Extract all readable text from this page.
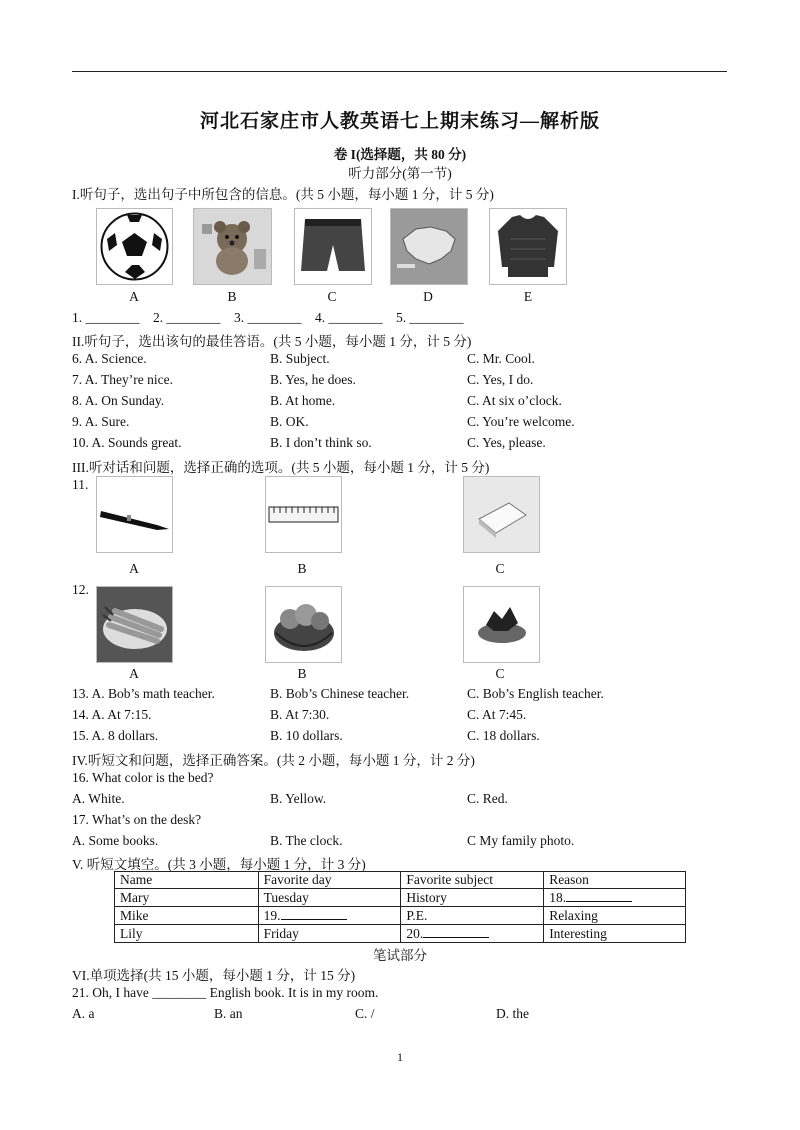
河北石家庄市人教英语七上期末练习—解析版
卷 I(选择题，共 80 分)
听力部分(第一节)
I.听句子，选出句子中所包含的信息。(共 5 小题，每小题 1 分，计 5 分)
A	B	C	D	E
1. ________    2. ________    3. ________    4. ________    5. ________
II.听句子，选出该句的最佳答语。(共 5 小题，每小题 1 分，计 5 分)
6. A. Science.	B. Subject.	C. Mr. Cool.
7. A. They’re nice.	B. Yes, he does.	C. Yes, I do.
8. A. On Sunday.	B. At home.	C. At six o’clock.
9. A. Sure.	B. OK.	C. You’re welcome.
10. A. Sounds great.	B. I don’t think so.	C. Yes, please.
III.听对话和问题，选择正确的选项。(共 5 小题，每小题 1 分，计 5 分)
11.
A	B	C
12.
A	B	C
13. A. Bob’s math teacher.	B. Bob’s Chinese teacher.	C. Bob’s English teacher.
14. A. At 7:15.	B. At 7:30.	C. At 7:45.
15. A. 8 dollars.	B. 10 dollars.	C. 18 dollars.
IV.听短文和问题，选择正确答案。(共 2 小题，每小题 1 分，计 2 分)
16. What color is the bed?
A. White.	B. Yellow.	C. Red.
17. What’s on the desk?
A. Some books.	B. The clock.	C My family photo.
V. 听短文填空。(共 3 小题，每小题 1 分，计 3 分)
Name	Favorite day	Favorite subject	Reason
Mary	Tuesday	History	18.
Mike	19.	P.E.	Relaxing
Lily	Friday	20.	Interesting
笔试部分
VI.单项选择(共 15 小题，每小题 1 分，计 15 分)
21. Oh, I have ________ English book. It is in my room.
A. a	B. an	C. /	D. the
1
